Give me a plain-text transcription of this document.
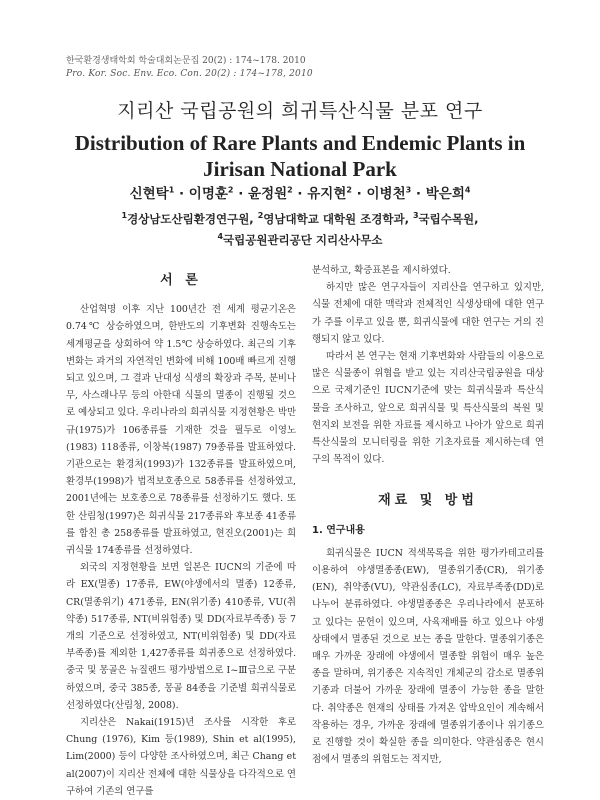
한국환경생태학회 학술대회논문집 20(2) : 174~178. 2010
Pro. Kor. Soc. Env. Eco. Con. 20(2) : 174~178, 2010
지리산 국립공원의 희귀특산식물 분포 연구
Distribution of Rare Plants and Endemic Plants in Jirisan National Park
신현탁$^1$ · 이명훈$^2$ · 윤정원$^2$ · 유지현$^2$ · 이병천$^3$ · 박은희$^4$
$^1$경상남도산림환경연구원, $^2$영남대학교 대학원 조경학과, $^3$국립수목원,
$^4$국립공원관리공단 지리산사무소
서 론

산업혁명 이후 지난 100년간 전 세계 평균기온은 0.74℃ 상승하였으며, 한반도의 기후변화 진행속도는 세계평균을 상회하여 약 1.5℃ 상승하였다. 최근의 기후 변화는 과거의 자연적인 변화에 비해 100배 빠르게 진행되고 있으며, 그 결과 난대성 식생의 확장과 주목, 분비나무, 사스래나무 등의 아한대 식물의 멸종이 진행될 것으로 예상되고 있다. 우리나라의 희귀식물 지정현황은 박만규(1975)가 106종류를 기재한 것을 필두로 이영노(1983) 118종류, 이창복(1987) 79종류를 발표하였다. 기관으로는 환경처(1993)가 132종류를 발표하였으며, 환경부(1998)가 법적보호종으로 58종류를 선정하였고, 2001년에는 보호종으로 78종류를 선정하기도 했다. 또한 산림청(1997)은 희귀식물 217종류와 후보종 41종류를 합친 총 258종류를 발표하였고, 현진오(2001)는 희귀식물 174종류를 선정하였다.

외국의 지정현황을 보면 일본은 IUCN의 기준에 따라 EX(멸종) 17종류, EW(야생에서의 멸종) 12종류, CR(멸종위기) 471종류, EN(위기종) 410종류, VU(취약종) 517종류, NT(비위험종) 및 DD(자료부족종) 등 7개의 기준으로 선정하였고, NT(비위험종) 및 DD(자료부족종)를 제외한 1,427종류를 희귀종으로 선정하였다. 중국 및 몽골은 뉴질랜드 평가방법으로 Ⅰ~Ⅲ급으로 구분하였으며, 중국 385종, 몽골 84종을 기준별 희귀식물로 선정하였다(산림청, 2008).

지리산은 Nakai(1915)년 조사를 시작한 후로 Chung (1976), Kim 등(1989), Shin et al(1995), Lim(2000) 등이 다양한 조사하였으며, 최근 Chang et al(2007)이 지리산 전체에 대한 식물상을 다각적으로 연구하여 기존의 연구를

분석하고, 확증표본을 제시하였다.

하지만 많은 연구자들이 지리산을 연구하고 있지만, 식물 전체에 대한 맥락과 전체적인 식생상태에 대한 연구가 주를 이루고 있을 뿐, 희귀식물에 대한 연구는 거의 진행되지 않고 있다.

따라서 본 연구는 현재 기후변화와 사람들의 이용으로 많은 식물종이 위협을 받고 있는 지리산국립공원을 대상으로 국제기준인 IUCN기준에 맞는 희귀식물과 특산식물을 조사하고, 앞으로 희귀식물 및 특산식물의 복원 및 현지외 보전을 위한 자료를 제시하고 나아가 앞으로 희귀특산식물의 모니터링을 위한 기초자료를 제시하는데 연구의 목적이 있다.

재료 및 방법
1. 연구내용

희귀식물은 IUCN 적색목록을 위한 평가카테고리를 이용하여 야생멸종종(EW), 멸종위기종(CR), 위기종(EN), 취약종(VU), 약관심종(LC), 자료부족종(DD)로 나누어 분류하였다. 야생멸종종은 우리나라에서 분포하고 있다는 문헌이 있으며, 사육재배를 하고 있으나 야생상태에서 멸종된 것으로 보는 종을 말한다. 멸종위기종은 매우 가까운 장래에 야생에서 멸종할 위험이 매우 높은 종을 말하며, 위기종은 지속적인 개체군의 감소로 멸종위기종과 더불어 가까운 장래에 멸종이 가능한 종을 말한다. 취약종은 현재의 상태를 가져온 압박요인이 계속해서 작용하는 경우, 가까운 장래에 멸종위기종이나 위기종으로 진행할 것이 확실한 종을 의미한다. 약관심종은 현시점에서 멸종의 위험도는 적지만,
